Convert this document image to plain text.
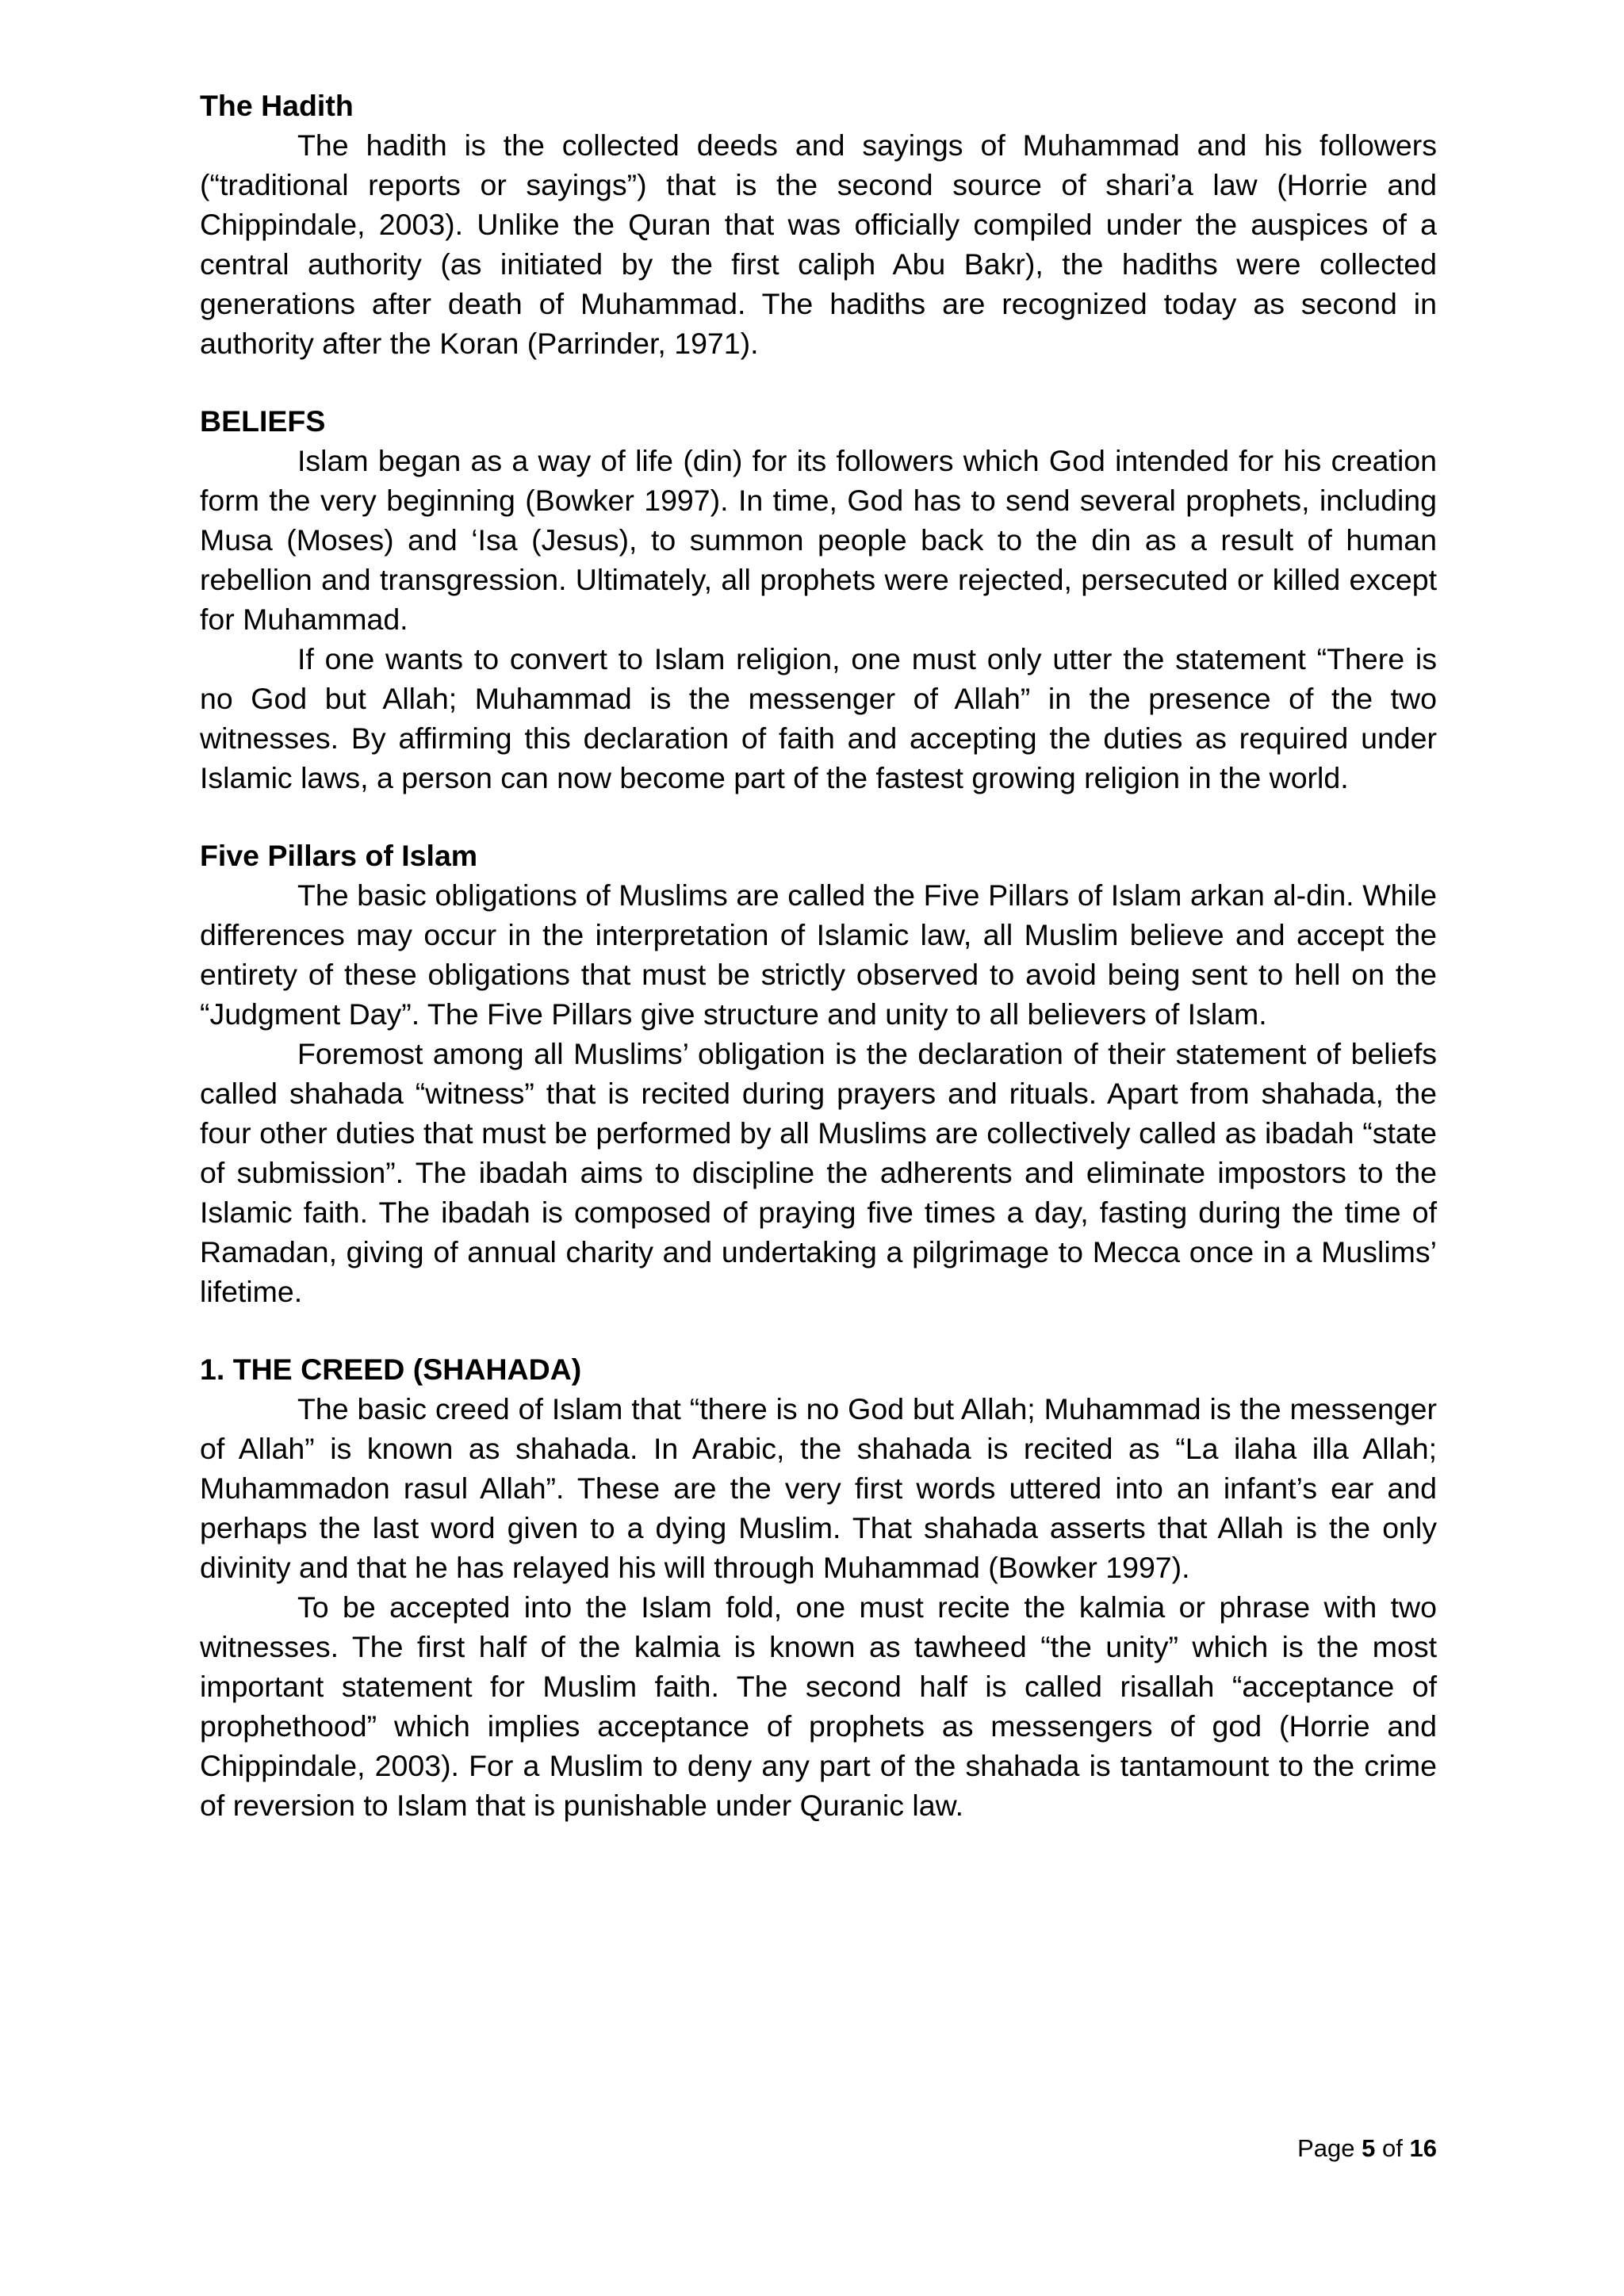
The Hadith

The hadith is the collected deeds and sayings of Muhammad and his followers (“traditional reports or sayings”) that is the second source of shari’a law (Horrie and Chippindale, 2003). Unlike the Quran that was officially compiled under the auspices of a central authority (as initiated by the first caliph Abu Bakr), the hadiths were collected generations after death of Muhammad. The hadiths are recognized today as second in authority after the Koran (Parrinder, 1971).

BELIEFS

Islam began as a way of life (din) for its followers which God intended for his creation form the very beginning (Bowker 1997). In time, God has to send several prophets, including Musa (Moses) and ‘Isa (Jesus), to summon people back to the din as a result of human rebellion and transgression. Ultimately, all prophets were rejected, persecuted or killed except for Muhammad.

If one wants to convert to Islam religion, one must only utter the statement “There is no God but Allah; Muhammad is the messenger of Allah” in the presence of the two witnesses. By affirming this declaration of faith and accepting the duties as required under Islamic laws, a person can now become part of the fastest growing religion in the world.

Five Pillars of Islam

The basic obligations of Muslims are called the Five Pillars of Islam arkan al-din. While differences may occur in the interpretation of Islamic law, all Muslim believe and accept the entirety of these obligations that must be strictly observed to avoid being sent to hell on the “Judgment Day”. The Five Pillars give structure and unity to all believers of Islam.

Foremost among all Muslims’ obligation is the declaration of their statement of beliefs called shahada “witness” that is recited during prayers and rituals. Apart from shahada, the four other duties that must be performed by all Muslims are collectively called as ibadah “state of submission”. The ibadah aims to discipline the adherents and eliminate impostors to the Islamic faith. The ibadah is composed of praying five times a day, fasting during the time of Ramadan, giving of annual charity and undertaking a pilgrimage to Mecca once in a Muslims’ lifetime.

1. THE CREED (SHAHADA)

The basic creed of Islam that “there is no God but Allah; Muhammad is the messenger of Allah” is known as shahada. In Arabic, the shahada is recited as “La ilaha illa Allah; Muhammadon rasul Allah”. These are the very first words uttered into an infant’s ear and perhaps the last word given to a dying Muslim. That shahada asserts that Allah is the only divinity and that he has relayed his will through Muhammad (Bowker 1997).

To be accepted into the Islam fold, one must recite the kalmia or phrase with two witnesses. The first half of the kalmia is known as tawheed “the unity” which is the most important statement for Muslim faith. The second half is called risallah “acceptance of prophethood” which implies acceptance of prophets as messengers of god (Horrie and Chippindale, 2003). For a Muslim to deny any part of the shahada is tantamount to the crime of reversion to Islam that is punishable under Quranic law.

Page 5 of 16
